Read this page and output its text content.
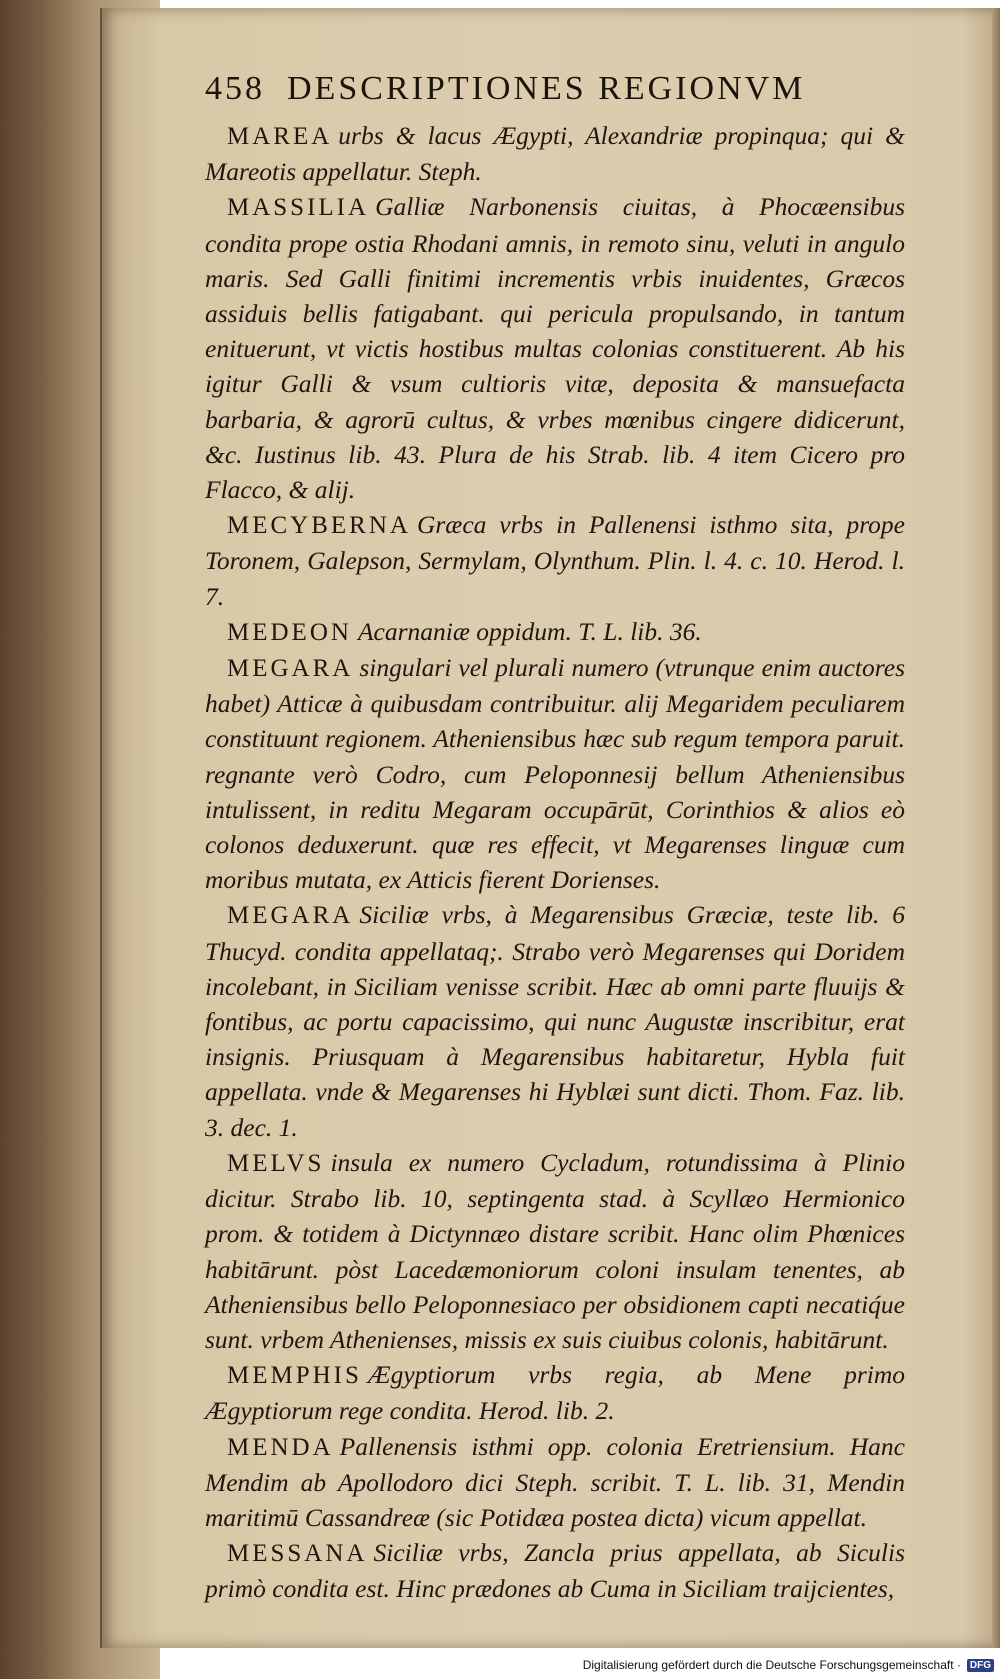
458 DESCRIPTIONES REGIONVM

MAREA urbs & lacus Ægypti, Alexandriæ propinqua; qui & Mareotis appellatur. Steph.

MASSILIA Galliæ Narbonensis ciuitas, à Phocæensibus condita prope ostia Rhodani amnis, in remoto sinu, veluti in angulo maris. Sed Galli finitimi incrementis vrbis inuidentes, Græcos assiduis bellis fatigabant. qui pericula propulsando, in tantum enituerunt, vt victis hostibus multas colonias constituerent. Ab his igitur Galli & vsum cultioris vitæ, deposita & mansuefacta barbaria, & agrorū cultus, & vrbes mœnibus cingere didicerunt, &c. Iustinus lib. 43. Plura de his Strab. lib. 4 item Cicero pro Flacco, & alij.

MECYBERNA Græca vrbs in Pallenensi isthmo sita, prope Toronem, Galepson, Sermylam, Olynthum. Plin. l. 4. c. 10. Herod. l. 7.

MEDEON Acarnaniæ oppidum. T. L. lib. 36.

MEGARA singulari vel plurali numero (vtrunque enim auctores habet) Atticæ à quibusdam contribuitur. alij Megaridem peculiarem constituunt regionem. Atheniensibus hæc sub regum tempora paruit. regnante verò Codro, cum Peloponnesij bellum Atheniensibus intulissent, in reditu Megaram occupārūt, Corinthios & alios eò colonos deduxerunt. quæ res effecit, vt Megarenses linguæ cum moribus mutata, ex Atticis fierent Dorienses.

MEGARA Siciliæ vrbs, à Megarensibus Græciæ, teste lib. 6 Thucyd. condita appellataq;. Strabo verò Megarenses qui Doridem incolebant, in Siciliam venisse scribit. Hæc ab omni parte fluuijs & fontibus, ac portu capacissimo, qui nunc Augustæ inscribitur, erat insignis. Priusquam à Megarensibus habitaretur, Hybla fuit appellata. vnde & Megarenses hi Hyblæi sunt dicti. Thom. Faz. lib. 3. dec. 1.

MELVS insula ex numero Cycladum, rotundissima à Plinio dicitur. Strabo lib. 10, septingenta stad. à Scyllæo Hermionico prom. & totidem à Dictynnæo distare scribit. Hanc olim Phœnices habitārunt. pòst Lacedæmoniorum coloni insulam tenentes, ab Atheniensibus bello Peloponnesiaco per obsidionem capti necatiq́ue sunt. vrbem Athenienses, missis ex suis ciuibus colonis, habitārunt.

MEMPHIS Ægyptiorum vrbs regia, ab Mene primo Ægyptiorum rege condita. Herod. lib. 2.

MENDA Pallenensis isthmi opp. colonia Eretriensium. Hanc Mendim ab Apollodoro dici Steph. scribit. T. L. lib. 31, Mendin maritimū Cassandreæ (sic Potidæa postea dicta) vicum appellat.

MESSANA Siciliæ vrbs, Zancla prius appellata, ab Siculis primò condita est. Hinc prædones ab Cuma in Siciliam traijcientes,

Digitalisierung gefördert durch die Deutsche Forschungsgemeinschaft · DFG
